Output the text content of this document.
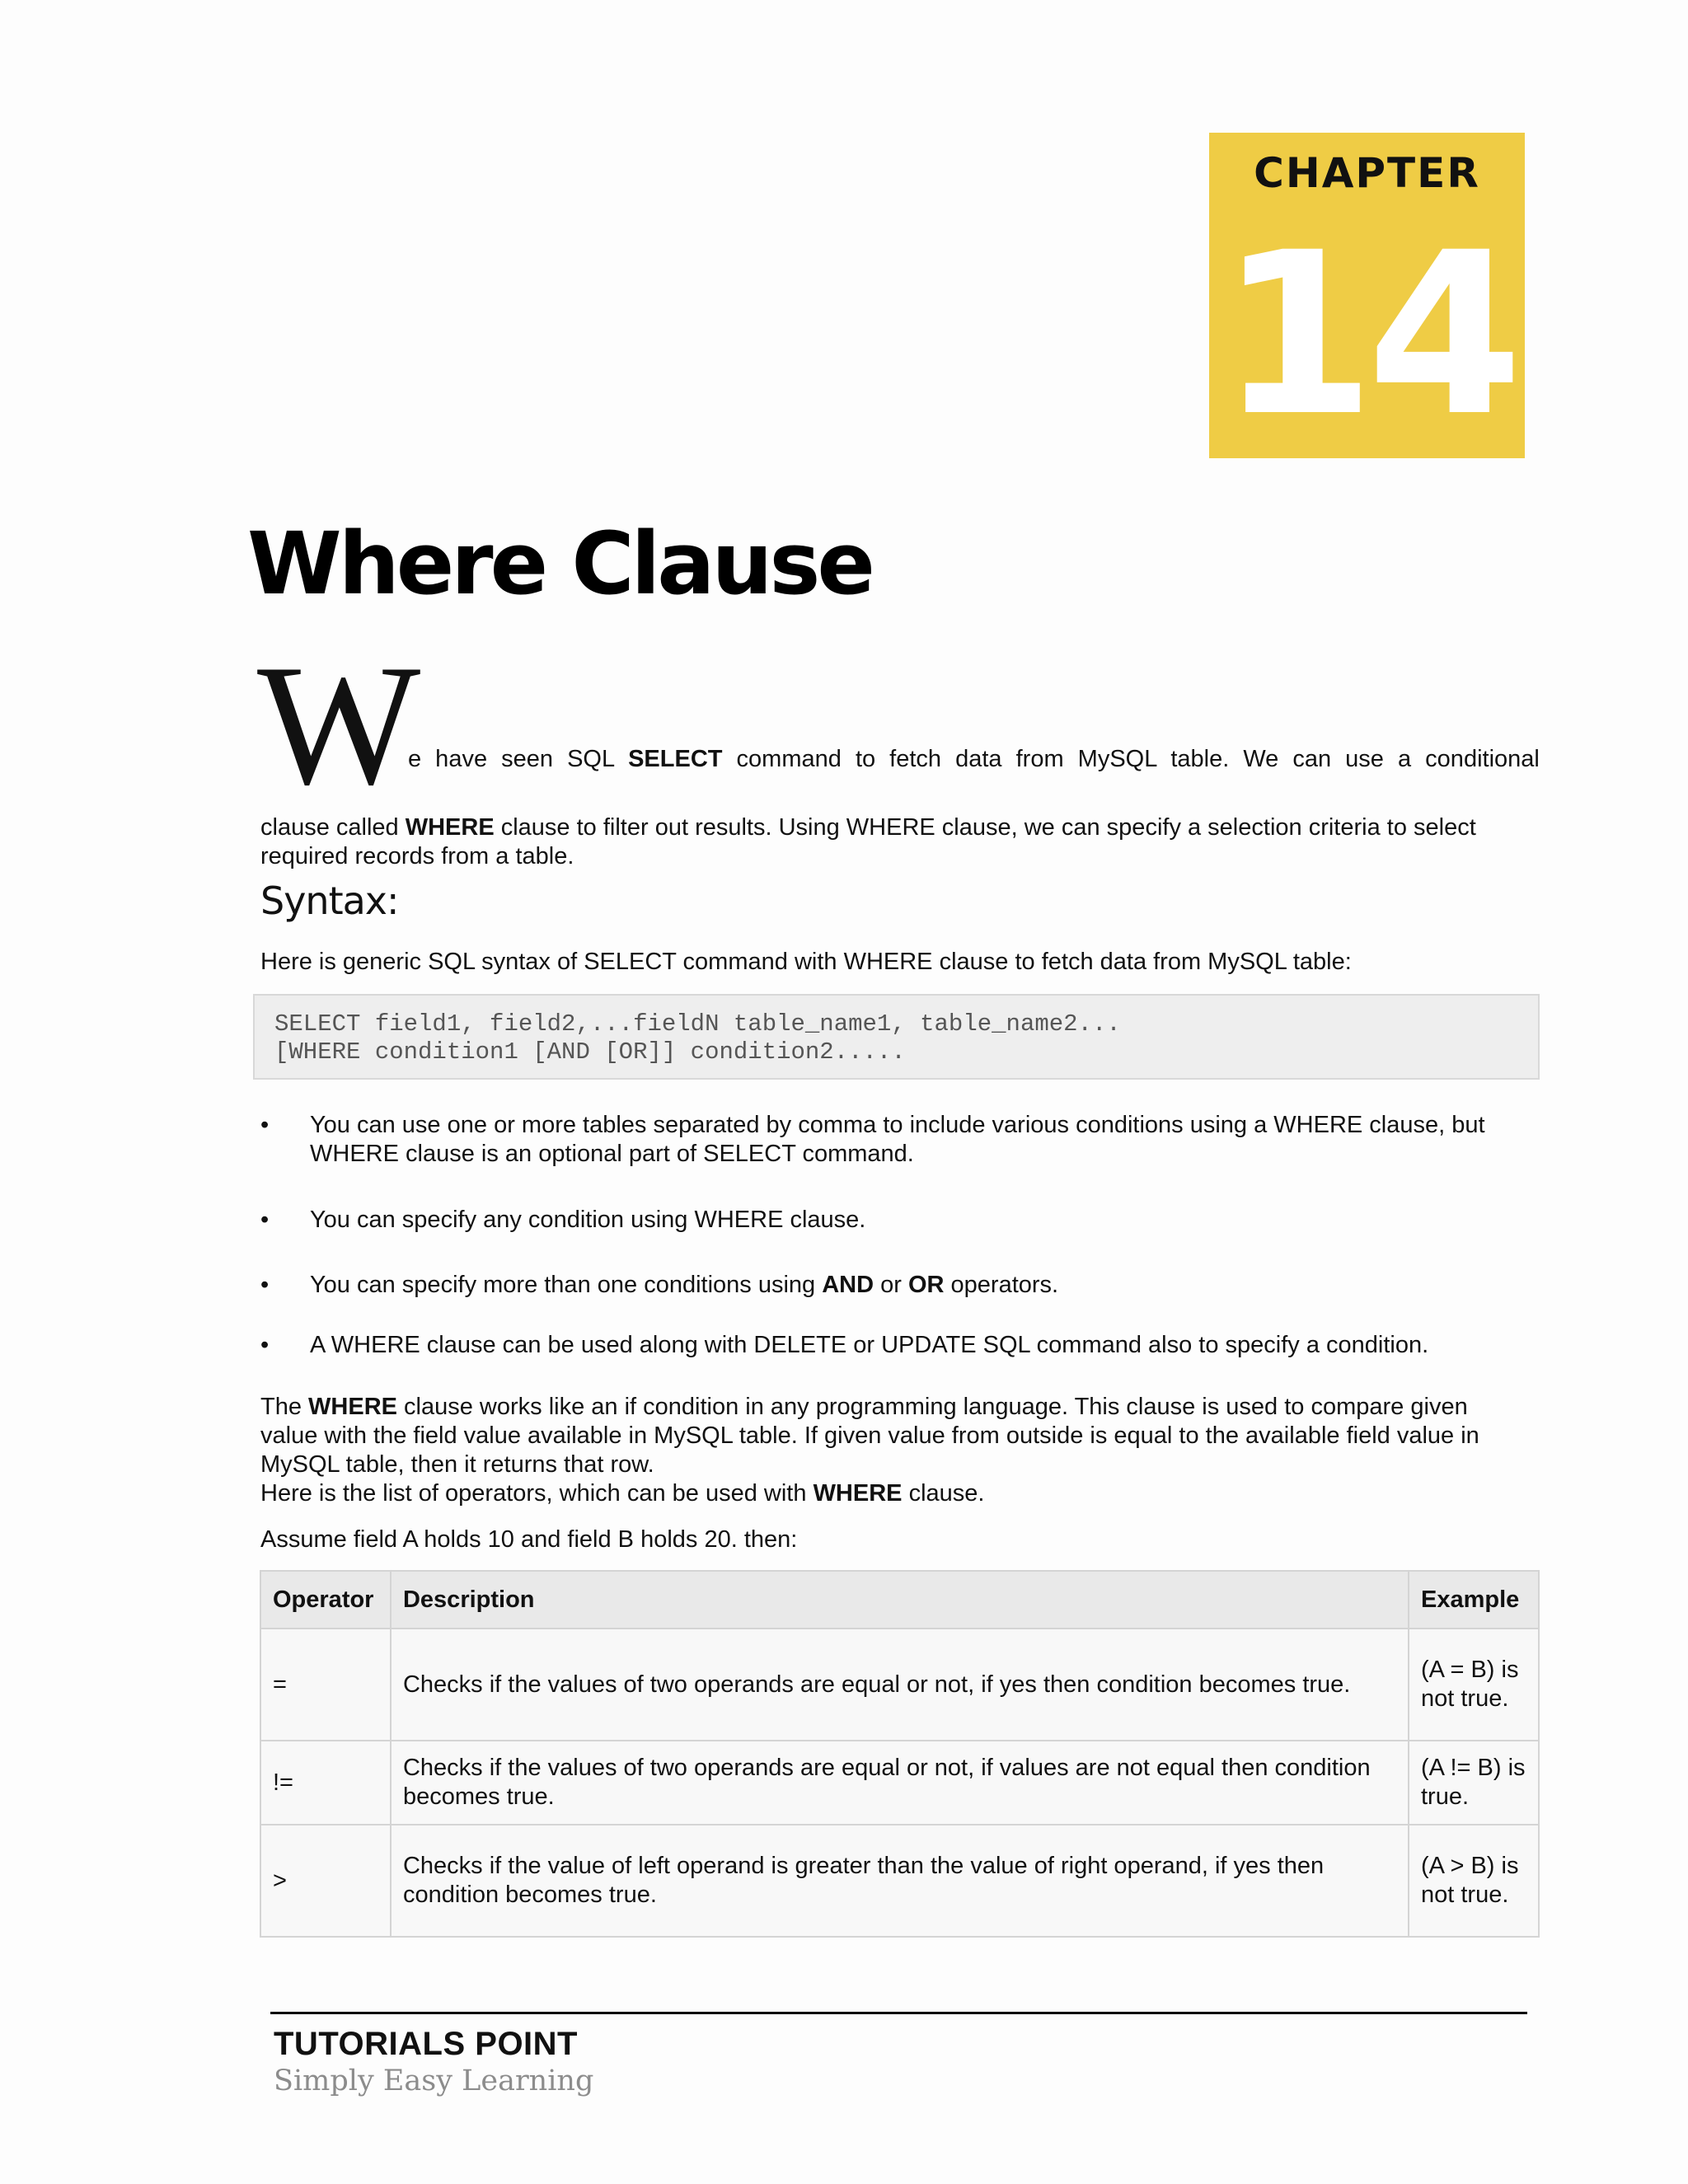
CHAPTER
14
Where Clause
W
e have seen SQL SELECT command to fetch data from MySQL table. We can use a conditional

clause called WHERE clause to filter out results. Using WHERE clause, we can specify a selection criteria to select required records from a table.

Syntax:

Here is generic SQL syntax of SELECT command with WHERE clause to fetch data from MySQL table:

SELECT field1, field2,...fieldN table_name1, table_name2...
[WHERE condition1 [AND [OR]] condition2.....
• You can use one or more tables separated by comma to include various conditions using a WHERE clause, but WHERE clause is an optional part of SELECT command.
• You can specify any condition using WHERE clause.
• You can specify more than one conditions using AND or OR operators.
• A WHERE clause can be used along with DELETE or UPDATE SQL command also to specify a condition.

The WHERE clause works like an if condition in any programming language. This clause is used to compare given value with the field value available in MySQL table. If given value from outside is equal to the available field value in MySQL table, then it returns that row.
Here is the list of operators, which can be used with WHERE clause.

Assume field A holds 10 and field B holds 20. then:

Operator	Description	Example
=	Checks if the values of two operands are equal or not, if yes then condition becomes true.	(A = B) is not true.
!=	Checks if the values of two operands are equal or not, if values are not equal then condition becomes true.	(A != B) is true.
>	Checks if the value of left operand is greater than the value of right operand, if yes then condition becomes true.	(A > B) is not true.
TUTORIALS POINT
Simply Easy Learning
